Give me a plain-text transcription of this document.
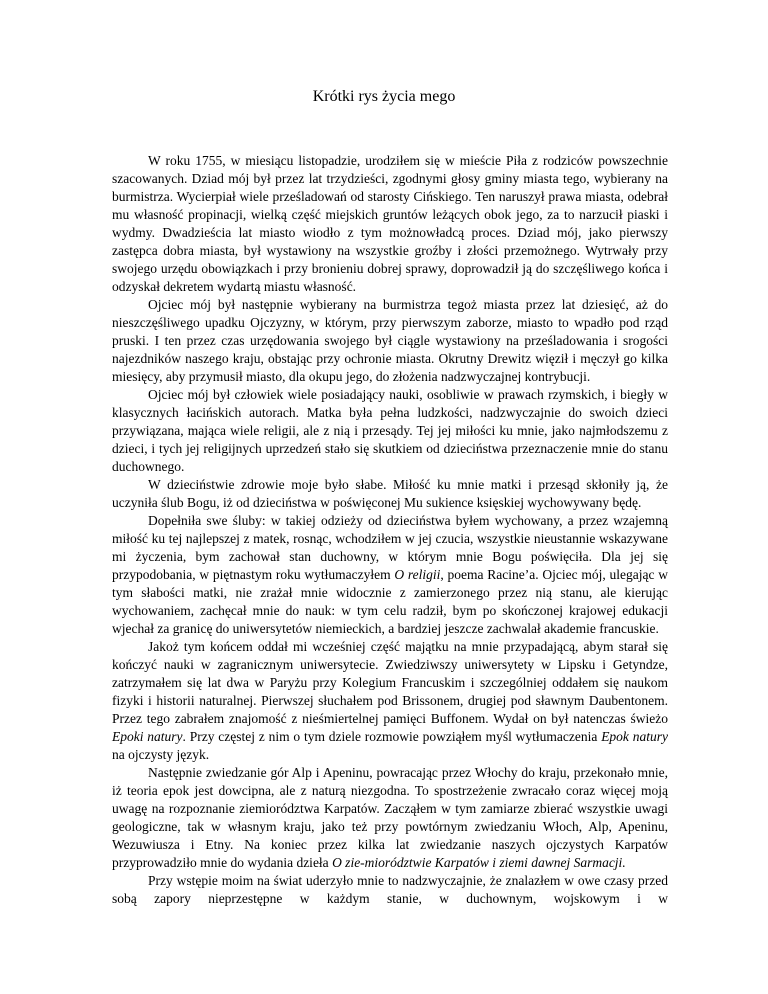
Krótki rys życia mego

W roku 1755, w miesiącu listopadzie, urodziłem się w mieście Piła z rodziców powszechnie szacowanych. Dziad mój był przez lat trzydzieści, zgodnymi głosy gminy miasta tego, wybierany na burmistrza. Wycierpiał wiele prześladowań od starosty Cińskiego. Ten naruszył prawa miasta, odebrał mu własność propinacji, wielką część miejskich gruntów leżących obok jego, za to narzucił piaski i wydmy. Dwadzieścia lat miasto wiodło z tym możnowładcą proces. Dziad mój, jako pierwszy zastępca dobra miasta, był wystawiony na wszystkie groźby i złości przemożnego. Wytrwały przy swojego urzędu obowiązkach i przy bronieniu dobrej sprawy, doprowadził ją do szczęśliwego końca i odzyskał dekretem wydartą miastu własność.

Ojciec mój był następnie wybierany na burmistrza tegoż miasta przez lat dziesięć, aż do nieszczęśliwego upadku Ojczyzny, w którym, przy pierwszym zaborze, miasto to wpadło pod rząd pruski. I ten przez czas urzędowania swojego był ciągle wystawiony na prześladowania i srogości najezdników naszego kraju, obstając przy ochronie miasta. Okrutny Drewitz więził i męczył go kilka miesięcy, aby przymusił miasto, dla okupu jego, do złożenia nadzwyczajnej kontrybucji.

Ojciec mój był człowiek wiele posiadający nauki, osobliwie w prawach rzymskich, i biegły w klasycznych łacińskich autorach. Matka była pełna ludzkości, nadzwyczajnie do swoich dzieci przywiązana, mająca wiele religii, ale z nią i przesądy. Tej jej miłości ku mnie, jako najmłodszemu z dzieci, i tych jej religijnych uprzedzeń stało się skutkiem od dzieciństwa przeznaczenie mnie do stanu duchownego.

W dzieciństwie zdrowie moje było słabe. Miłość ku mnie matki i przesąd skłoniły ją, że uczyniła ślub Bogu, iż od dzieciństwa w poświęconej Mu sukience księskiej wychowywany będę.

Dopełniła swe śluby: w takiej odzieży od dzieciństwa byłem wychowany, a przez wzajemną miłość ku tej najlepszej z matek, rosnąc, wchodziłem w jej czucia, wszystkie nieustannie wskazywane mi życzenia, bym zachował stan duchowny, w którym mnie Bogu poświęciła. Dla jej się przypodobania, w piętnastym roku wytłumaczyłem O religii, poema Racine’a. Ojciec mój, ulegając w tym słabości matki, nie zrażał mnie widocznie z zamierzonego przez nią stanu, ale kierując wychowaniem, zachęcał mnie do nauk: w tym celu radził, bym po skończonej krajowej edukacji wjechał za granicę do uniwersytetów niemieckich, a bardziej jeszcze zachwalał akademie francuskie.

Jakoż tym końcem oddał mi wcześniej część majątku na mnie przypadającą, abym starał się kończyć nauki w zagranicznym uniwersytecie. Zwiedziwszy uniwersytety w Lipsku i Getyndze, zatrzymałem się lat dwa w Paryżu przy Kolegium Francuskim i szczególniej oddałem się naukom fizyki i historii naturalnej. Pierwszej słuchałem pod Brissonem, drugiej pod sławnym Daubentonem. Przez tego zabrałem znajomość z nieśmiertelnej pamięci Buffonem. Wydał on był natenczas świeżo Epoki natury. Przy częstej z nim o tym dziele rozmowie powziąłem myśl wytłumaczenia Epok natury na ojczysty język.

Następnie zwiedzanie gór Alp i Apeninu, powracając przez Włochy do kraju, przekonało mnie, iż teoria epok jest dowcipna, ale z naturą niezgodna. To spostrzeżenie zwracało coraz więcej moją uwagę na rozpoznanie ziemiorództwa Karpatów. Zacząłem w tym zamiarze zbierać wszystkie uwagi geologiczne, tak w własnym kraju, jako też przy powtórnym zwiedzaniu Włoch, Alp, Apeninu, Wezuwiusza i Etny. Na koniec przez kilka lat zwiedzanie naszych ojczystych Karpatów przyprowadziło mnie do wydania dzieła O zie-miorództwie Karpatów i ziemi dawnej Sarmacji.

Przy wstępie moim na świat uderzyło mnie to nadzwyczajnie, że znalazłem w owe czasy przed sobą zapory nieprzestępne w każdym stanie, w duchownym, wojskowym i w
